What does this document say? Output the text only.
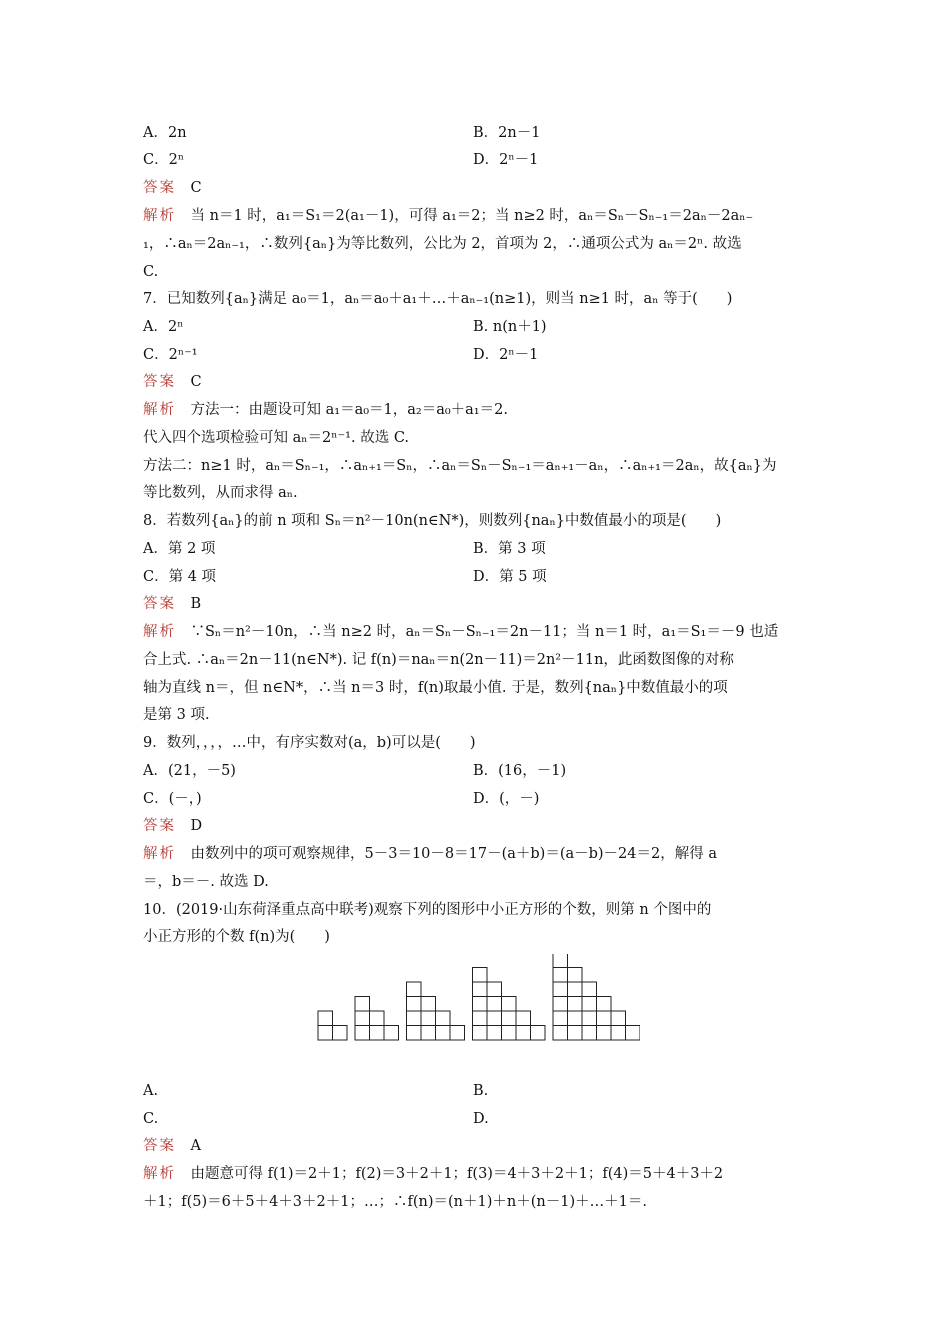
A．2n	B．2n－1
C．2ⁿ	D．2ⁿ－1
答案　 C
解析　 当 n＝1 时，a₁＝S₁＝2(a₁－1)，可得 a₁＝2；当 n≥2 时，aₙ＝Sₙ－Sₙ₋₁＝2aₙ－2aₙ₋
₁，∴aₙ＝2aₙ₋₁，∴数列{aₙ}为等比数列，公比为 2，首项为 2，∴通项公式为 aₙ＝2ⁿ. 故选
C.
7．已知数列{aₙ}满足 a₀＝1，aₙ＝a₀＋a₁＋…＋aₙ₋₁(n≥1)，则当 n≥1 时，aₙ 等于(　　)
A．2ⁿ	B. n(n＋1)
C．2ⁿ⁻¹	D．2ⁿ－1
答案　 C
解析　 方法一：由题设可知 a₁＝a₀＝1，a₂＝a₀＋a₁＝2.
代入四个选项检验可知 aₙ＝2ⁿ⁻¹. 故选 C.
方法二：n≥1 时，aₙ＝Sₙ₋₁，∴aₙ₊₁＝Sₙ，∴aₙ＝Sₙ－Sₙ₋₁＝aₙ₊₁－aₙ，∴aₙ₊₁＝2aₙ，故{aₙ}为
等比数列，从而求得 aₙ.
8．若数列{aₙ}的前 n 项和 Sₙ＝n²－10n(n∈N*)，则数列{naₙ}中数值最小的项是(　　)
A．第 2 项	B．第 3 项
C．第 4 项	D．第 5 项
答案　 B
解析　 ∵Sₙ＝n²－10n，∴当 n≥2 时，aₙ＝Sₙ－Sₙ₋₁＝2n－11；当 n＝1 时，a₁＝S₁＝－9 也适
合上式. ∴aₙ＝2n－11(n∈N*). 记 f(n)＝naₙ＝n(2n－11)＝2n²－11n，此函数图像的对称
轴为直线 n＝，但 n∈N*，∴当 n＝3 时，f(n)取最小值. 于是，数列{naₙ}中数值最小的项
是第 3 项.
9．数列，，，，…中，有序实数对(a，b)可以是(　　)
A．(21，－5)	B．(16，－1)
C．(－，)	D．(，－)
答案　 D
解析　 由数列中的项可观察规律，5－3＝10－8＝17－(a＋b)＝(a－b)－24＝2，解得 a
＝，b＝－. 故选 D.
10．(2019·山东荷泽重点高中联考)观察下列的图形中小正方形的个数，则第 n 个图中的
小正方形的个数 f(n)为(　　)
A.	B.
C.	D.
答案　 A
解析　 由题意可得 f(1)＝2＋1；f(2)＝3＋2＋1；f(3)＝4＋3＋2＋1；f(4)＝5＋4＋3＋2
＋1；f(5)＝6＋5＋4＋3＋2＋1；…；∴f(n)＝(n＋1)＋n＋(n－1)＋…＋1＝.
